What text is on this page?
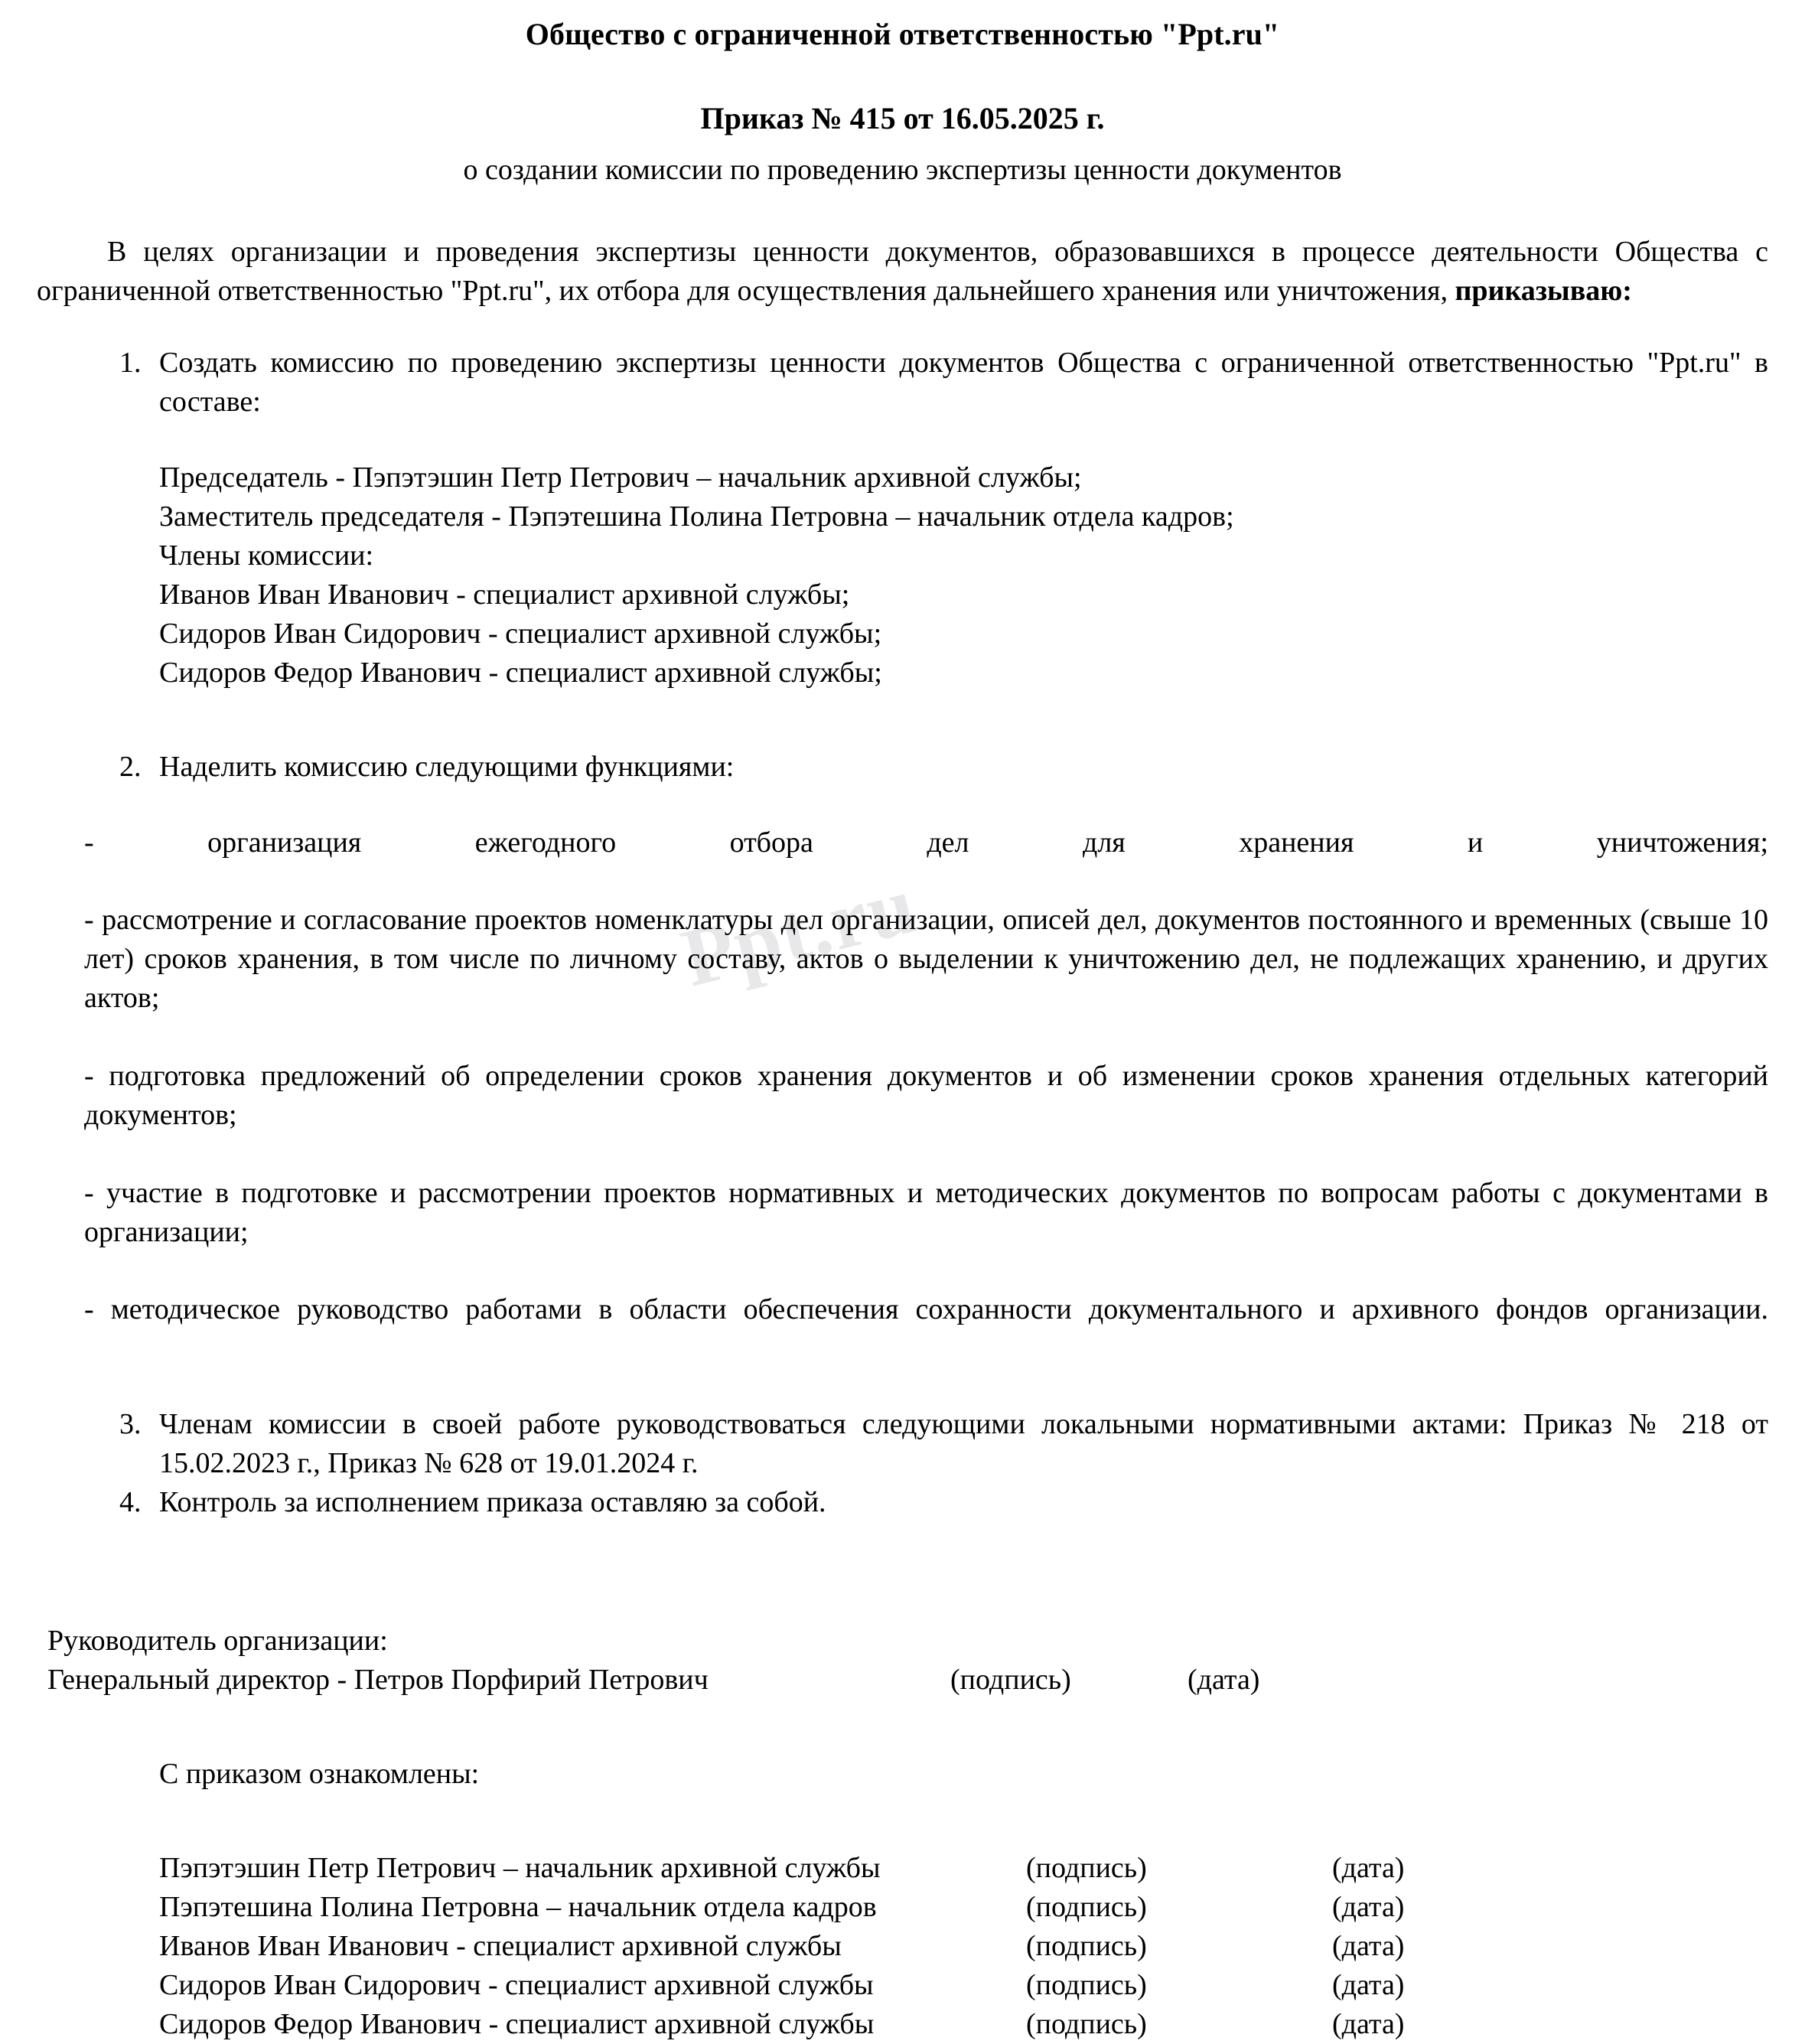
Ppt.ru
Общество с ограниченной ответственностью "Ppt.ru"
Приказ № 415 от 16.05.2025 г.
о создании комиссии по проведению экспертизы ценности документов

В целях организации и проведения экспертизы ценности документов, образовавшихся в процессе деятельности Общества с ограниченной ответственностью "Ppt.ru", их отбора для осуществления дальнейшего хранения или уничтожения, приказываю:

1. Создать комиссию по проведению экспертизы ценности документов Общества с ограниченной ответственностью "Ppt.ru" в составе:
Председатель - Пэпэтэшин Петр Петрович – начальник архивной службы;
Заместитель председателя - Пэпэтешина Полина Петровна – начальник отдела кадров;
Члены комиссии:
Иванов Иван Иванович - специалист архивной службы;
Сидоров Иван Сидорович - специалист архивной службы;
Сидоров Федор Иванович - специалист архивной службы;
2. Наделить комиссию следующими функциями:

- организация ежегодного отбора дел для хранения и уничтожения;

- рассмотрение и согласование проектов номенклатуры дел организации, описей дел, документов постоянного и временных (свыше 10 лет) сроков хранения, в том числе по личному составу, актов о выделении к уничтожению дел, не подлежащих хранению, и других актов;

- подготовка предложений об определении сроков хранения документов и об изменении сроков хранения отдельных категорий документов;

- участие в подготовке и рассмотрении проектов нормативных и методических документов по вопросам работы с документами в организации;

- методическое руководство работами в области обеспечения сохранности документального и архивного фондов организации.

3. Членам комиссии в своей работе руководствоваться следующими локальными нормативными актами: Приказ № 218 от 15.02.2023 г., Приказ № 628 от 19.01.2024 г.
4. Контроль за исполнением приказа оставляю за собой.
Руководитель организации:
Генеральный директор - Петров Порфирий Петрович	(подпись)	(дата)
С приказом ознакомлены:
Пэпэтэшин Петр Петрович – начальник архивной службы	(подпись)	(дата)
Пэпэтешина Полина Петровна – начальник отдела кадров	(подпись)	(дата)
Иванов Иван Иванович - специалист архивной службы	(подпись)	(дата)
Сидоров Иван Сидорович - специалист архивной службы	(подпись)	(дата)
Сидоров Федор Иванович - специалист архивной службы	(подпись)	(дата)
